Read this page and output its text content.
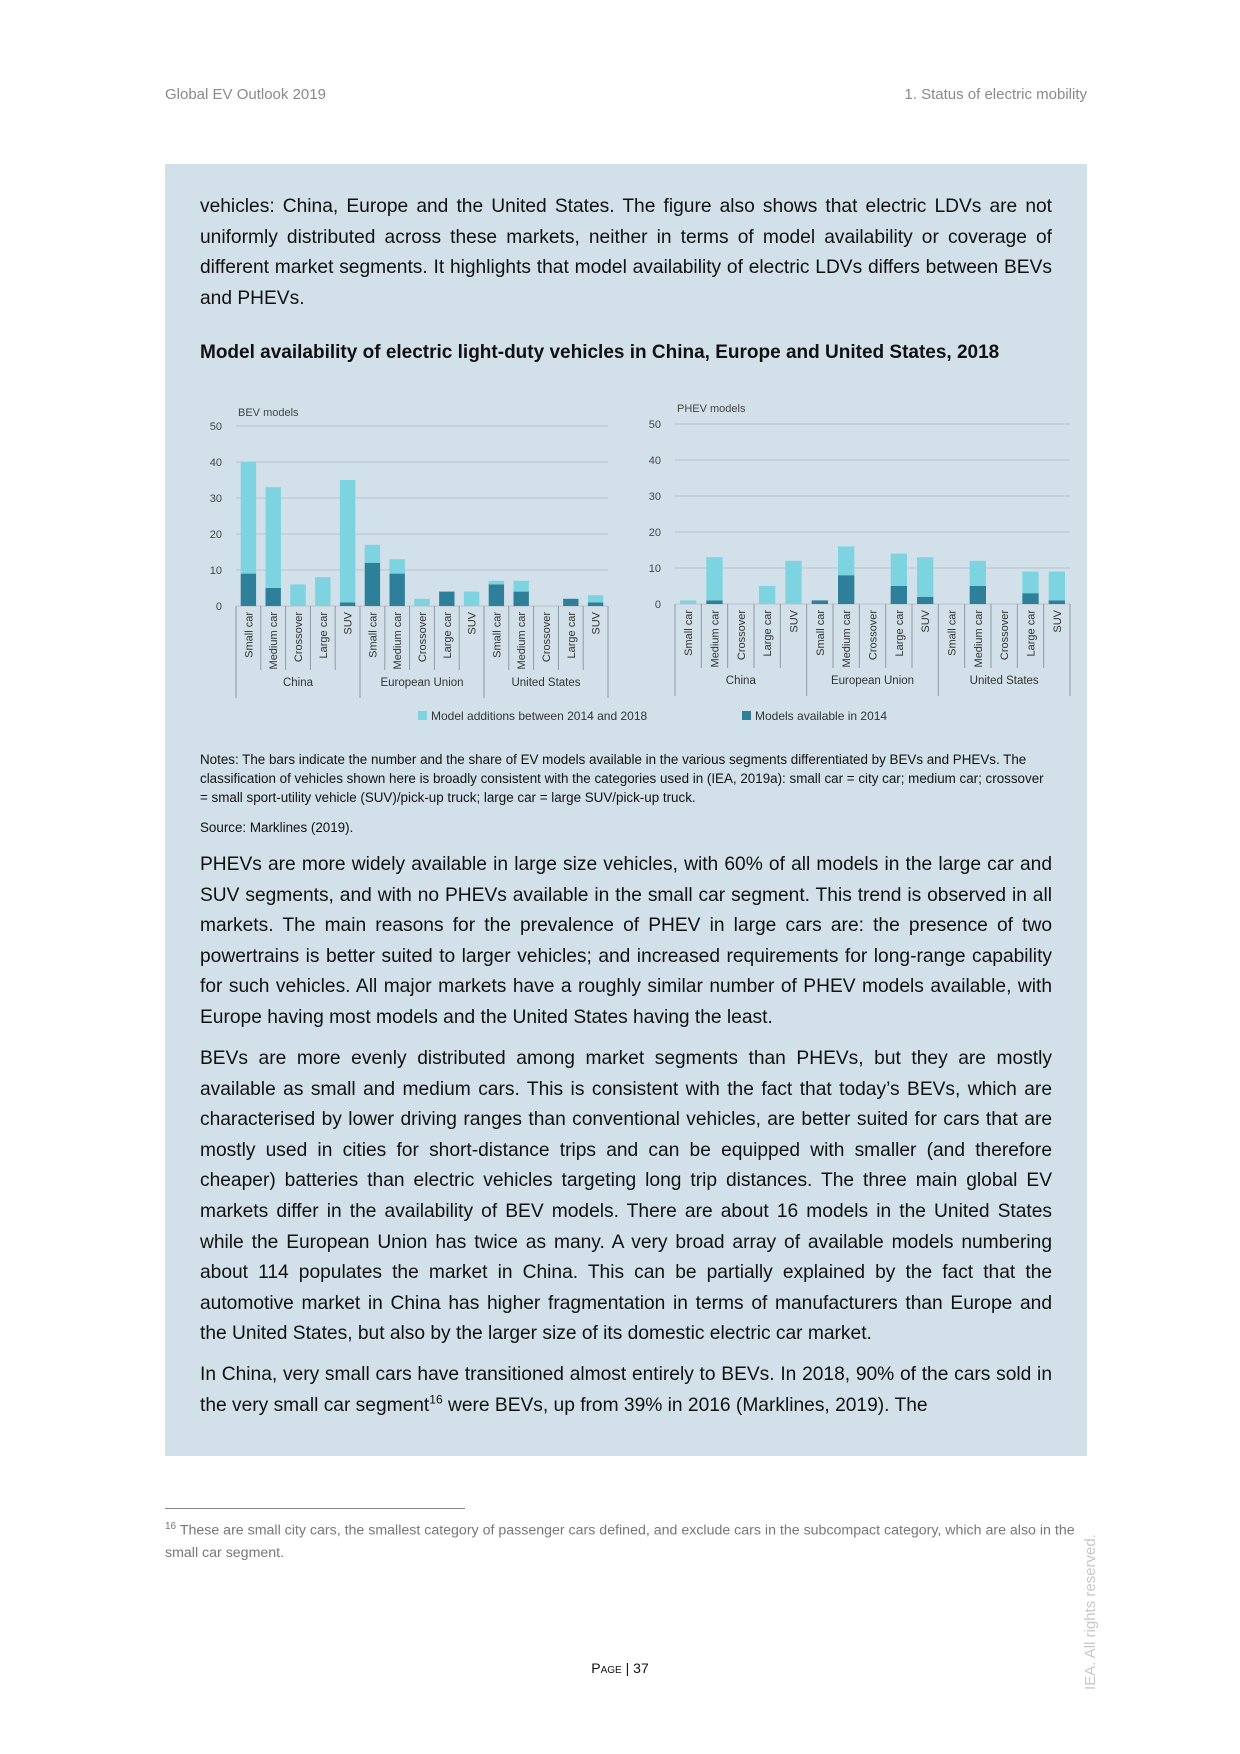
Global EV Outlook 2019	1. Status of electric mobility

vehicles: China, Europe and the United States. The figure also shows that electric LDVs are not uniformly distributed across these markets, neither in terms of model availability or coverage of different market segments. It highlights that model availability of electric LDVs differs between BEVs and PHEVs.

Model availability of electric light-duty vehicles in China, Europe and United States, 2018
BEV models
0
10
20
30
40
50
Small car Medium car Crossover Large car SUV Small car Medium car Crossover Large car SUV Small car Medium car Crossover Large car SUV
China	European Union	United States
PHEV models
0
10
20
30
40
50
Small car Medium car Crossover Large car SUV Small car Medium car Crossover Large car SUV Small car Medium car Crossover Large car SUV
China	European Union	United States
Model additions between 2014 and 2018	Models available in 2014
Notes: The bars indicate the number and the share of EV models available in the various segments differentiated by BEVs and PHEVs. The classification of vehicles shown here is broadly consistent with the categories used in (IEA, 2019a): small car = city car; medium car; crossover = small sport-utility vehicle (SUV)/pick-up truck; large car = large SUV/pick-up truck.
Source: Marklines (2019).

PHEVs are more widely available in large size vehicles, with 60% of all models in the large car and SUV segments, and with no PHEVs available in the small car segment. This trend is observed in all markets. The main reasons for the prevalence of PHEV in large cars are: the presence of two powertrains is better suited to larger vehicles; and increased requirements for long-range capability for such vehicles. All major markets have a roughly similar number of PHEV models available, with Europe having most models and the United States having the least.

BEVs are more evenly distributed among market segments than PHEVs, but they are mostly available as small and medium cars. This is consistent with the fact that today’s BEVs, which are characterised by lower driving ranges than conventional vehicles, are better suited for cars that are mostly used in cities for short-distance trips and can be equipped with smaller (and therefore cheaper) batteries than electric vehicles targeting long trip distances. The three main global EV markets differ in the availability of BEV models. There are about 16 models in the United States while the European Union has twice as many. A very broad array of available models numbering about 114 populates the market in China. This can be partially explained by the fact that the automotive market in China has higher fragmentation in terms of manufacturers than Europe and the United States, but also by the larger size of its domestic electric car market.

In China, very small cars have transitioned almost entirely to BEVs. In 2018, 90% of the cars sold in the very small car segment$^{16}$ were BEVs, up from 39% in 2016 (Marklines, 2019). The

$^{16}$ These are small city cars, the smallest category of passenger cars defined, and exclude cars in the subcompact category, which are also in the small car segment.
Page | 37	IEA. All rights reserved.
